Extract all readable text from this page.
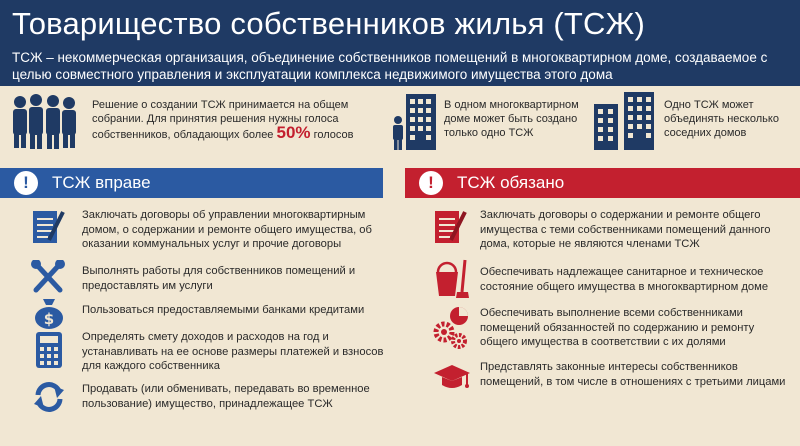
Товарищество собственников жилья (ТСЖ)
ТСЖ – некоммерческая организация, объединение собственников помещений в многоквартирном доме, создаваемое с целью совместного управления и эксплуатации комплекса недвижимого имущества этого дома
Решение о создании ТСЖ принимается на общем собрании. Для принятия решения нужны голоса собственников, обладающих более 50% голосов
В одном многоквартирном доме может быть создано только одно ТСЖ
Одно ТСЖ может объединять несколько соседних домов
!	ТСЖ вправе	!	ТСЖ обязано
Заключать договоры об управлении многоквартирным домом, о содержании и ремонте общего имущества, об оказании коммунальных услуг и прочие договоры
Выполнять работы для собственников помещений и предоставлять им услуги
$ Пользоваться предоставляемыми банками кредитами
Определять смету доходов и расходов на год и устанавливать на ее основе размеры платежей и взносов для каждого собственника
Продавать (или обменивать, передавать во временное пользование) имущество, принадлежащее ТСЖ
Заключать договоры о содержании и ремонте общего имущества с теми собственниками помещений данного дома, которые не являются членами ТСЖ
Обеспечивать надлежащее санитарное и техническое состояние общего имущества в многоквартирном доме
Обеспечивать выполнение всеми собственниками помещений обязанностей по содержанию и ремонту общего имущества в соответствии с их долями
Представлять законные интересы собственников помещений, в том числе в отношениях с третьими лицами
